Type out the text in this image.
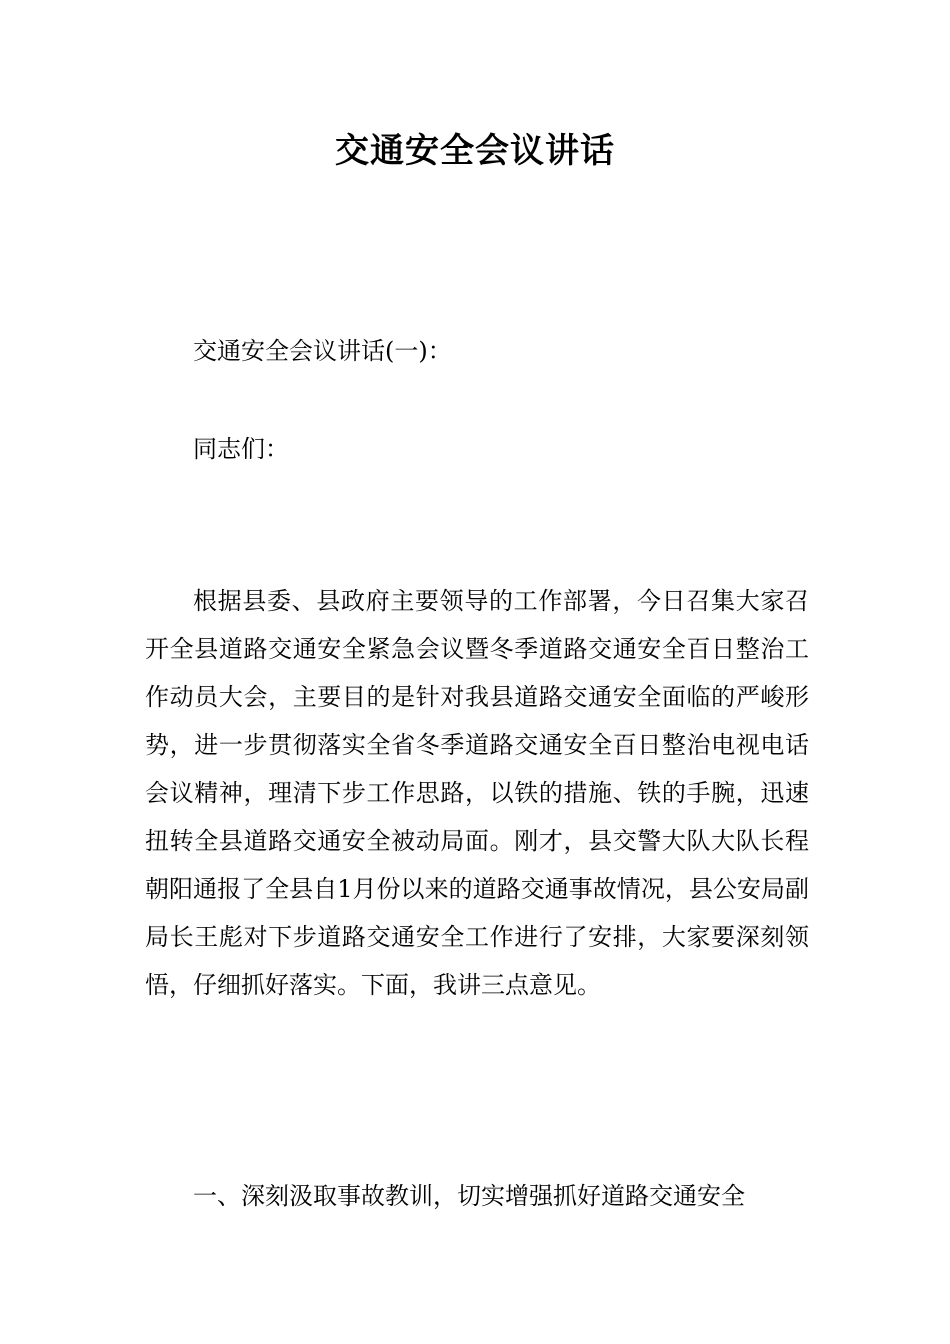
交通安全会议讲话

交通安全会议讲话(一)：

同志们：

根据县委、县政府主要领导的工作部署，今日召集大家召开全县道路交通安全紧急会议暨冬季道路交通安全百日整治工作动员大会，主要目的是针对我县道路交通安全面临的严峻形势，进一步贯彻落实全省冬季道路交通安全百日整治电视电话会议精神，理清下步工作思路，以铁的措施、铁的手腕，迅速扭转全县道路交通安全被动局面。刚才，县交警大队大队长程朝阳通报了全县自1月份以来的道路交通事故情况，县公安局副局长王彪对下步道路交通安全工作进行了安排，大家要深刻领悟，仔细抓好落实。下面，我讲三点意见。

一、深刻汲取事故教训，切实增强抓好道路交通安全
